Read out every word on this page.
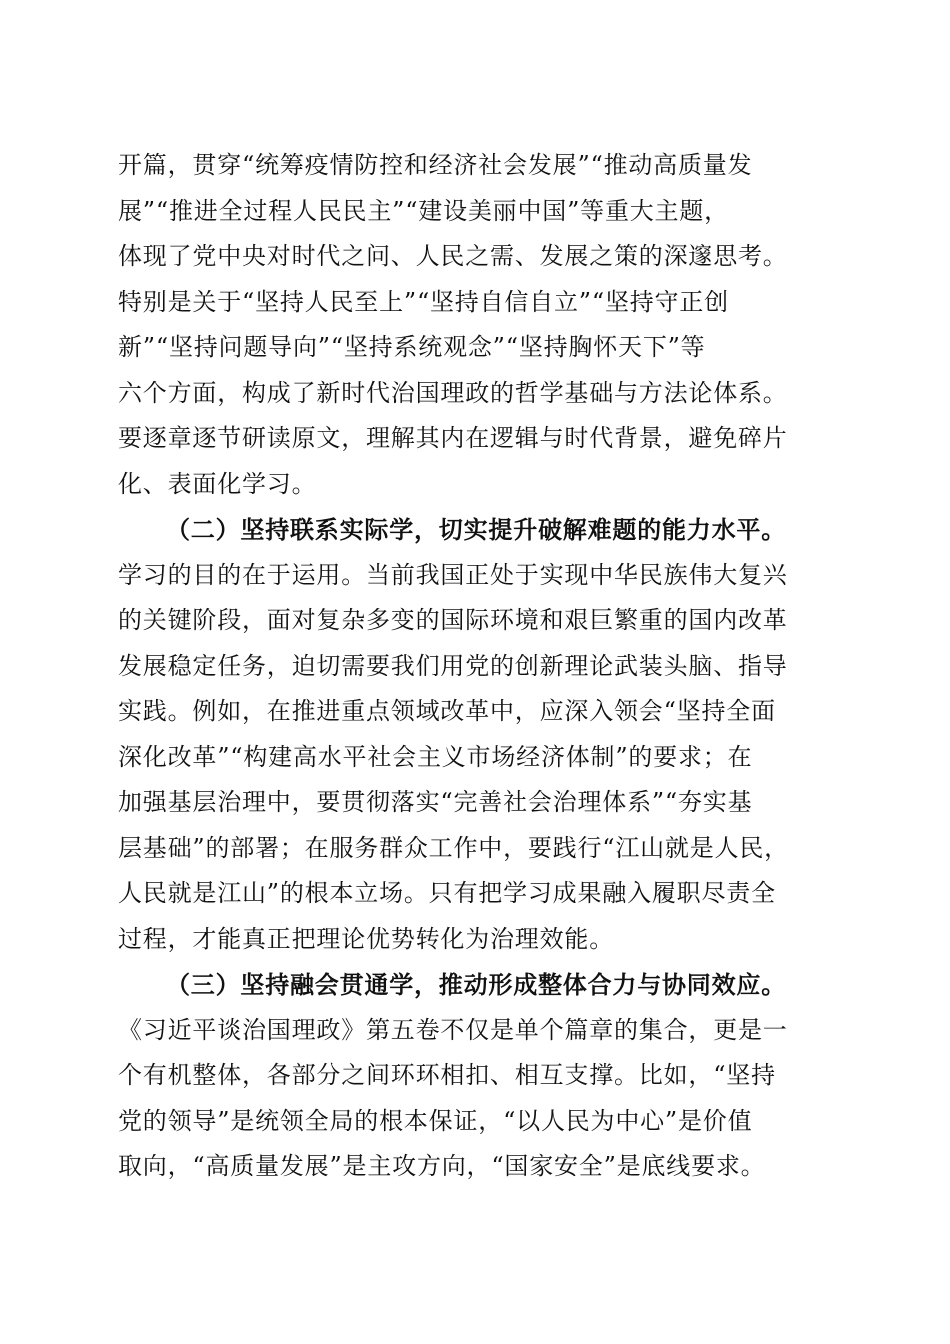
开篇，贯穿“统筹疫情防控和经济社会发展”“推动高质量发
展”“推进全过程人民民主”“建设美丽中国”等重大主题，
体现了党中央对时代之问、人民之需、发展之策的深邃思考。
特别是关于“坚持人民至上”“坚持自信自立”“坚持守正创
新”“坚持问题导向”“坚持系统观念”“坚持胸怀天下”等
六个方面，构成了新时代治国理政的哲学基础与方法论体系。
要逐章逐节研读原文，理解其内在逻辑与时代背景，避免碎片
化、表面化学习。
（二）坚持联系实际学，切实提升破解难题的能力水平。
学习的目的在于运用。当前我国正处于实现中华民族伟大复兴
的关键阶段，面对复杂多变的国际环境和艰巨繁重的国内改革
发展稳定任务，迫切需要我们用党的创新理论武装头脑、指导
实践。例如，在推进重点领域改革中，应深入领会“坚持全面
深化改革”“构建高水平社会主义市场经济体制”的要求；在
加强基层治理中，要贯彻落实“完善社会治理体系”“夯实基
层基础”的部署；在服务群众工作中，要践行“江山就是人民，
人民就是江山”的根本立场。只有把学习成果融入履职尽责全
过程，才能真正把理论优势转化为治理效能。
（三）坚持融会贯通学，推动形成整体合力与协同效应。
《习近平谈治国理政》第五卷不仅是单个篇章的集合，更是一
个有机整体，各部分之间环环相扣、相互支撑。比如，“坚持
党的领导”是统领全局的根本保证，“以人民为中心”是价值
取向，“高质量发展”是主攻方向，“国家安全”是底线要求。
